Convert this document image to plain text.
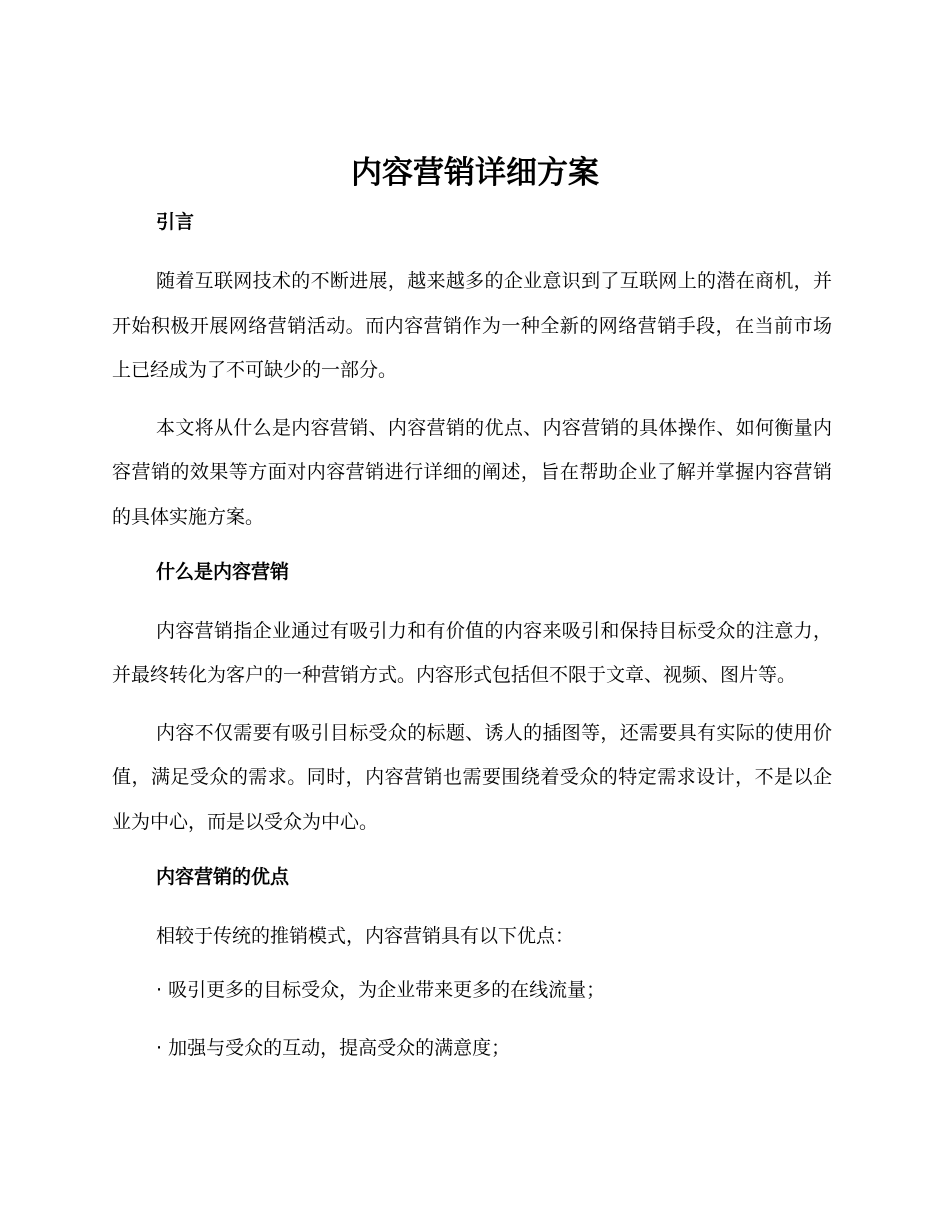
内容营销详细方案
引言

随着互联网技术的不断进展，越来越多的企业意识到了互联网上的潜在商机，并开始积极开展网络营销活动。而内容营销作为一种全新的网络营销手段，在当前市场上已经成为了不可缺少的一部分。

本文将从什么是内容营销、内容营销的优点、内容营销的具体操作、如何衡量内容营销的效果等方面对内容营销进行详细的阐述，旨在帮助企业了解并掌握内容营销的具体实施方案。

什么是内容营销

内容营销指企业通过有吸引力和有价值的内容来吸引和保持目标受众的注意力，并最终转化为客户的一种营销方式。内容形式包括但不限于文章、视频、图片等。

内容不仅需要有吸引目标受众的标题、诱人的插图等，还需要具有实际的使用价值，满足受众的需求。同时，内容营销也需要围绕着受众的特定需求设计，不是以企业为中心，而是以受众为中心。

内容营销的优点

相较于传统的推销模式，内容营销具有以下优点：

· 吸引更多的目标受众，为企业带来更多的在线流量；
· 加强与受众的互动，提高受众的满意度；
